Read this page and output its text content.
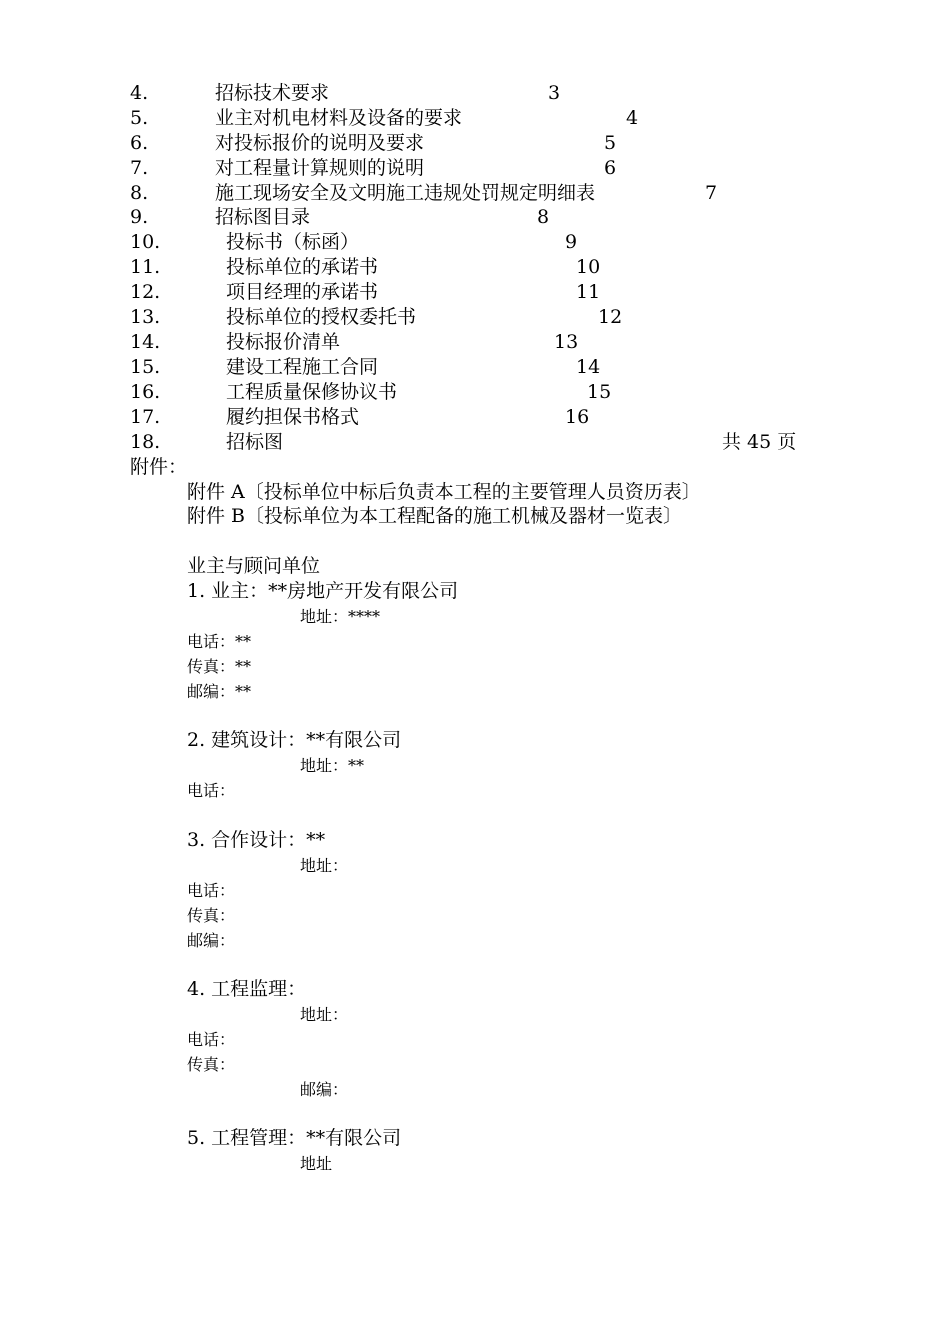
4.	招标技术要求	3
5.	业主对机电材料及设备的要求	4
6.	对投标报价的说明及要求	5
7.	对工程量计算规则的说明	6
8.	施工现场安全及文明施工违规处罚规定明细表	7
9.	招标图目录	8
10.	投标书（标函）	9
11.	投标单位的承诺书	10
12.	项目经理的承诺书	11
13.	投标单位的授权委托书	12
14.	投标报价清单	13
15.	建设工程施工合同	14
16.	工程质量保修协议书	15
17.	履约担保书格式	16
18.	招标图	共 45 页
附件：
附件 A〔投标单位中标后负责本工程的主要管理人员资历表〕
附件 B〔投标单位为本工程配备的施工机械及器材一览表〕
业主与顾问单位
1. 业主：**房地产开发有限公司
地址：****
电话：**
传真：**
邮编：**
2. 建筑设计：**有限公司
地址：**
电话：
3. 合作设计：**
地址：
电话：
传真：
邮编：
4. 工程监理：
地址：
电话：
传真：
邮编：
5. 工程管理：**有限公司
地址
